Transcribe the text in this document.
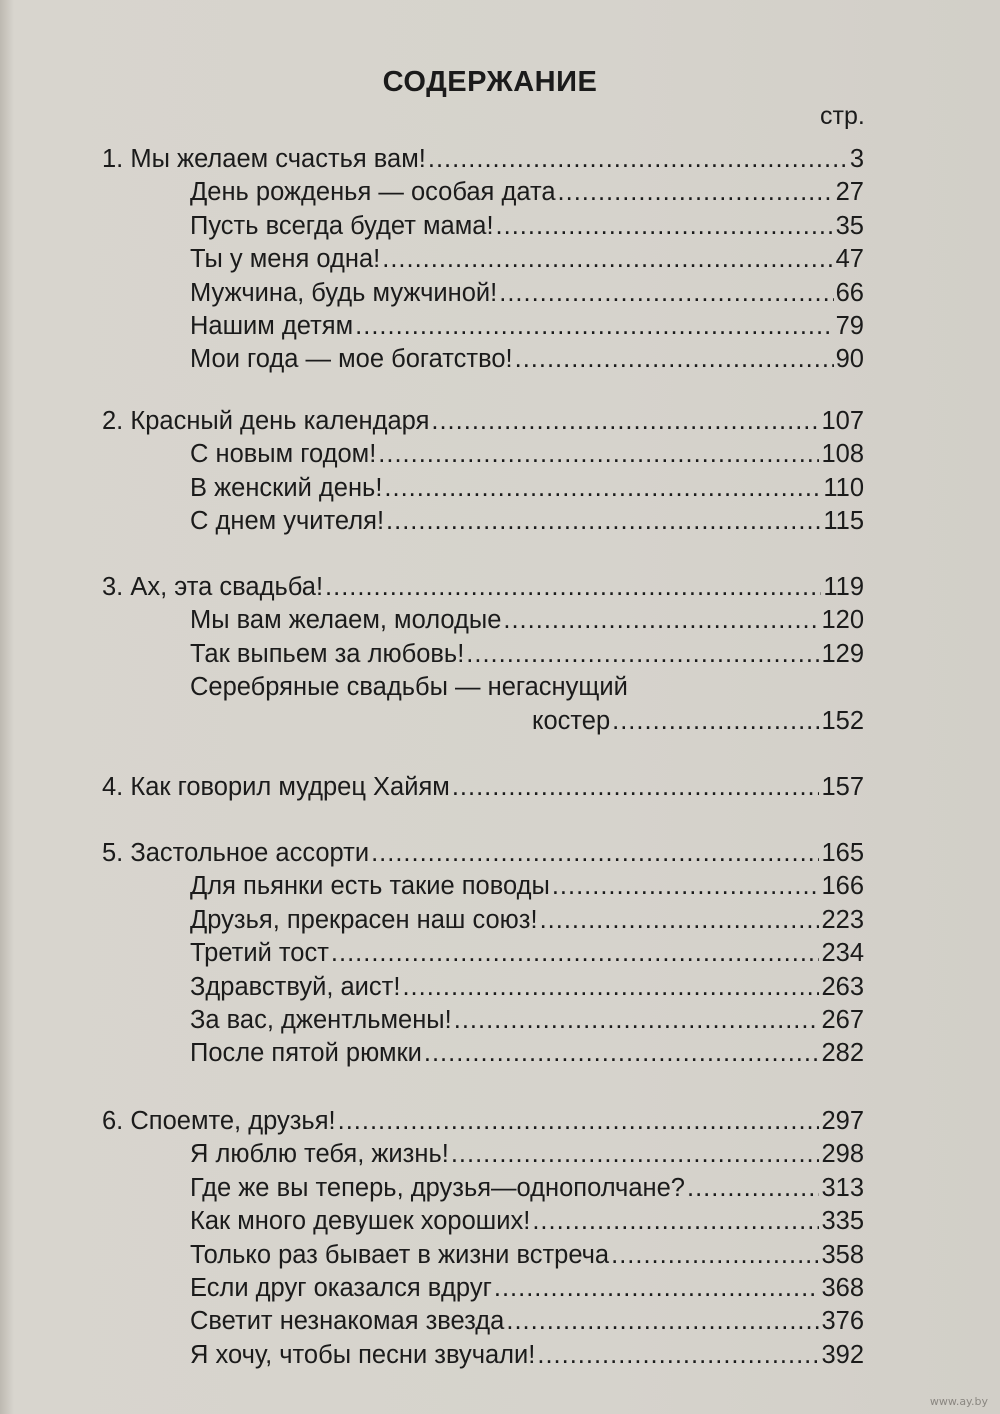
СОДЕРЖАНИЕ
стр.
1. Мы желаем счастья вам! .....	3
День рожденья — особая дата .....	27
Пусть всегда будет мама! .....	35
Ты у меня одна! .....	47
Мужчина, будь мужчиной! .....	66
Нашим детям .....	79
Мои года — мое богатство! .....	90
2. Красный день календаря .....	107
С новым годом! .....	108
В женский день! .....	110
С днем учителя! .....	115
3. Ах, эта свадьба! .....	119
Мы вам желаем, молодые .....	120
Так выпьем за любовь! .....	129
Серебряные свадьбы — негаснущий
костер .....	152
4. Как говорил мудрец Хайям .....	157
5. Застольное ассорти .....	165
Для пьянки есть такие поводы .....	166
Друзья, прекрасен наш союз! .....	223
Третий тост .....	234
Здравствуй, аист! .....	263
За вас, джентльмены! .....	267
После пятой рюмки .....	282
6. Споемте, друзья! .....	297
Я люблю тебя, жизнь! .....	298
Где же вы теперь, друзья—однополчане? .....	313
Как много девушек хороших! .....	335
Только раз бывает в жизни встреча .....	358
Если друг оказался вдруг .....	368
Светит незнакомая звезда .....	376
Я хочу, чтобы песни звучали! .....	392
www.ay.by
